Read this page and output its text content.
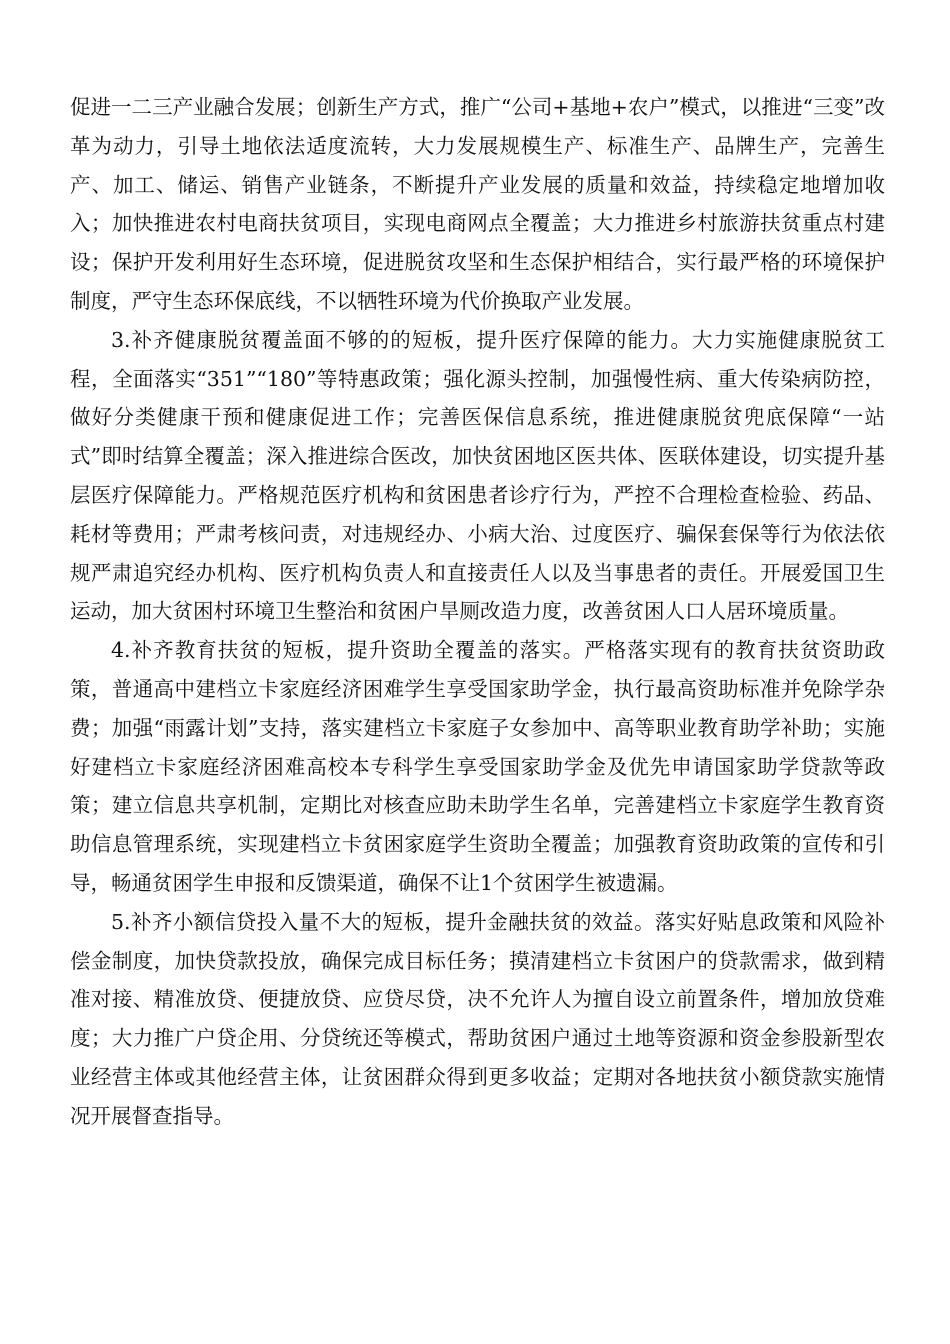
促进一二三产业融合发展；创新生产方式，推广“公司+基地+农户”模式，以推进“三变”改革为动力，引导土地依法适度流转，大力发展规模生产、标准生产、品牌生产，完善生产、加工、储运、销售产业链条，不断提升产业发展的质量和效益，持续稳定地增加收入；加快推进农村电商扶贫项目，实现电商网点全覆盖；大力推进乡村旅游扶贫重点村建设；保护开发利用好生态环境，促进脱贫攻坚和生态保护相结合，实行最严格的环境保护制度，严守生态环保底线，不以牺牲环境为代价换取产业发展。

3.补齐健康脱贫覆盖面不够的的短板，提升医疗保障的能力。大力实施健康脱贫工程，全面落实“351”“180”等特惠政策；强化源头控制，加强慢性病、重大传染病防控，做好分类健康干预和健康促进工作；完善医保信息系统，推进健康脱贫兜底保障“一站式”即时结算全覆盖；深入推进综合医改，加快贫困地区医共体、医联体建设，切实提升基层医疗保障能力。严格规范医疗机构和贫困患者诊疗行为，严控不合理检查检验、药品、耗材等费用；严肃考核问责，对违规经办、小病大治、过度医疗、骗保套保等行为依法依规严肃追究经办机构、医疗机构负责人和直接责任人以及当事患者的责任。开展爱国卫生运动，加大贫困村环境卫生整治和贫困户旱厕改造力度，改善贫困人口人居环境质量。

4.补齐教育扶贫的短板，提升资助全覆盖的落实。严格落实现有的教育扶贫资助政策，普通高中建档立卡家庭经济困难学生享受国家助学金，执行最高资助标准并免除学杂费；加强“雨露计划”支持，落实建档立卡家庭子女参加中、高等职业教育助学补助；实施好建档立卡家庭经济困难高校本专科学生享受国家助学金及优先申请国家助学贷款等政策；建立信息共享机制，定期比对核查应助未助学生名单，完善建档立卡家庭学生教育资助信息管理系统，实现建档立卡贫困家庭学生资助全覆盖；加强教育资助政策的宣传和引导，畅通贫困学生申报和反馈渠道，确保不让1个贫困学生被遗漏。

5.补齐小额信贷投入量不大的短板，提升金融扶贫的效益。落实好贴息政策和风险补偿金制度，加快贷款投放，确保完成目标任务；摸清建档立卡贫困户的贷款需求，做到精准对接、精准放贷、便捷放贷、应贷尽贷，决不允许人为擅自设立前置条件，增加放贷难度；大力推广户贷企用、分贷统还等模式，帮助贫困户通过土地等资源和资金参股新型农业经营主体或其他经营主体，让贫困群众得到更多收益；定期对各地扶贫小额贷款实施情况开展督查指导。
